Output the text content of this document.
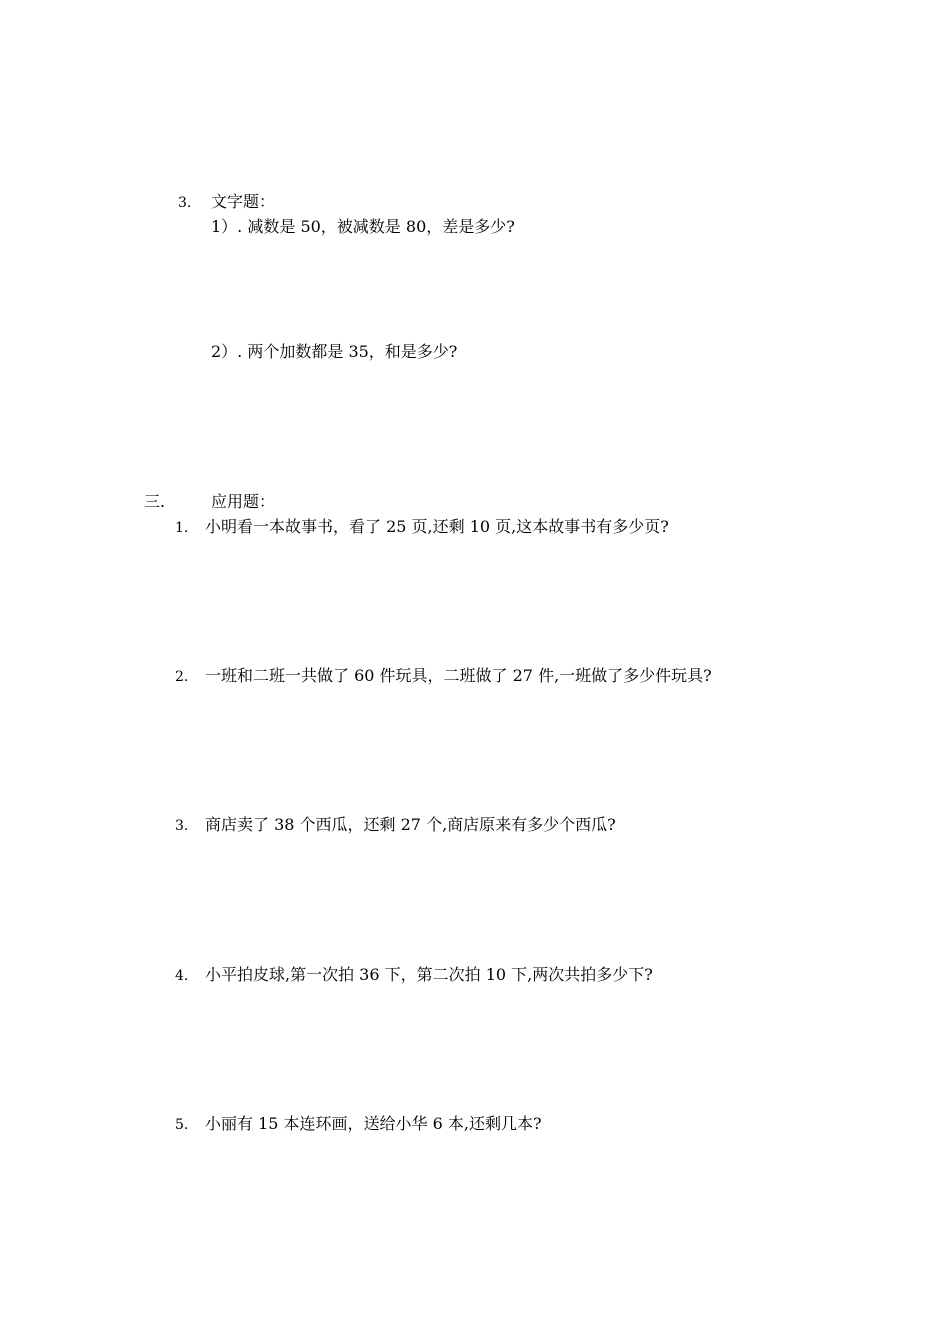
3. 文字题：
1）. 减数是 50，被减数是 80，差是多少?
2）. 两个加数都是 35，和是多少?
三.	应用题：
1. 小明看一本故事书，看了 25 页,还剩 10 页,这本故事书有多少页?
2. 一班和二班一共做了 60 件玩具，二班做了 27 件,一班做了多少件玩具?
3. 商店卖了 38 个西瓜，还剩 27 个,商店原来有多少个西瓜?
4. 小平拍皮球,第一次拍 36 下，第二次拍 10 下,两次共拍多少下?
5. 小丽有 15 本连环画，送给小华 6 本,还剩几本?
